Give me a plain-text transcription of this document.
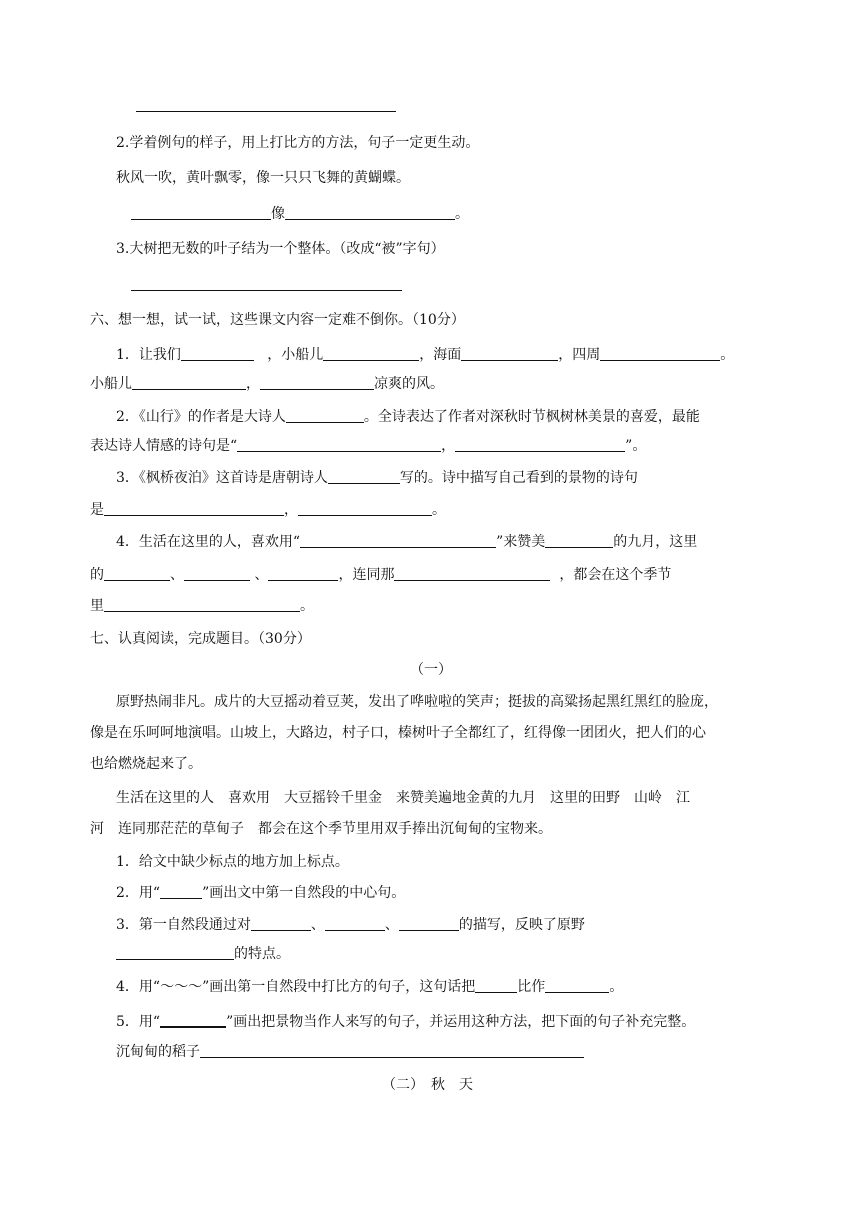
2.学着例句的样子，用上打比方的方法，句子一定更生动。
秋风一吹，黄叶飘零，像一只只飞舞的黄蝴蝶。
像	。
3.大树把无数的叶子结为一个整体。（改成“被”字句）
六、想一想，试一试，这些课文内容一定难不倒你。（10分）
1．让我们	，小船儿	，海面	，四周	。
小船儿	，	凉爽的风。
2．《山行》的作者是大诗人	。全诗表达了作者对深秋时节枫树林美景的喜爱，最能
表达诗人情感的诗句是“	，	”。
3．《枫桥夜泊》这首诗是唐朝诗人	写的。诗中描写自己看到的景物的诗句
是	，	。
4．生活在这里的人，喜欢用“	”来赞美	的九月，这里
的	、	、	，连同那	，都会在这个季节
里	。
七、认真阅读，完成题目。（30分）
（一）
原野热闹非凡。成片的大豆摇动着豆荚，发出了哗啦啦的笑声；挺拔的高粱扬起黑红黑红的脸庞，
像是在乐呵呵地演唱。山坡上，大路边，村子口，榛树叶子全都红了，红得像一团团火，把人们的心
也给燃烧起来了。
生活在这里的人　喜欢用　大豆摇铃千里金　来赞美遍地金黄的九月　这里的田野　山岭　江
河　连同那茫茫的草甸子　都会在这个季节里用双手捧出沉甸甸的宝物来。
1．给文中缺少标点的地方加上标点。
2．用“	”画出文中第一自然段的中心句。
3．第一自然段通过对	、	、	的描写，反映了原野
的特点。
4．用“～～～”画出第一自然段中打比方的句子，这句话把	比作	。
5．用“	”画出把景物当作人来写的句子，并运用这种方法，把下面的句子补充完整。
沉甸甸的稻子
（二）　秋　天
